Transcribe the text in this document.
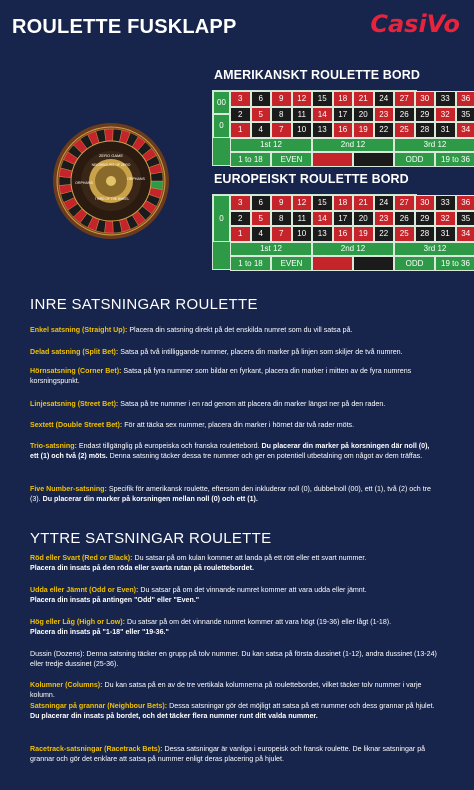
ROULETTE FUSKLAPP	CasiVo
ZERO GAME
NEIGHBOURS OF ZERO
ORPHANS
ORPHANS
THIRD OF THE WHEEL
AMERIKANSKT ROULETTE BORD
00
0
3	6	9	12	15	18	21	24	27	30	33	36
2	5	8	11	14	17	20	23	26	29	32	35
1	4	7	10	13	16	19	22	25	28	31	34
1st 12	2nd 12	3rd 12
1 to 18	EVEN	ODD	19 to 36
EUROPEISKT ROULETTE BORD
0
3	6	9	12	15	18	21	24	27	30	33	36
2	5	8	11	14	17	20	23	26	29	32	35
1	4	7	10	13	16	19	22	25	28	31	34
1st 12	2nd 12	3rd 12
1 to 18	EVEN	ODD	19 to 36
INRE SATSNINGAR ROULETTE
Enkel satsning (Straight Up): Placera din satsning direkt på det enskilda numret som du vill satsa på.
Delad satsning (Split Bet): Satsa på två intilliggande nummer, placera din marker på linjen som skiljer de två numren.
Hörnsatsning (Corner Bet): Satsa på fyra nummer som bildar en fyrkant, placera din marker i mitten av de fyra numrens korsningspunkt.
Linjesatsning (Street Bet): Satsa på tre nummer i en rad genom att placera din marker längst ner på den raden.
Sextett (Double Street Bet): För att täcka sex nummer, placera din marker i hörnet där två rader möts.
Trio-satsning: Endast tillgänglig på europeiska och franska roulettebord. Du placerar din marker på korsningen där noll (0), ett (1) och två (2) möts. Denna satsning täcker dessa tre nummer och ger en potentiell utbetalning om något av dem träffas.
Five Number-satsning: Specifik för amerikansk roulette, eftersom den inkluderar noll (0), dubbelnoll (00), ett (1), två (2) och tre (3). Du placerar din marker på korsningen mellan noll (0) och ett (1).
YTTRE SATSNINGAR ROULETTE
Röd eller Svart (Red or Black): Du satsar på om kulan kommer att landa på ett rött eller ett svart nummer.
Placera din insats på den röda eller svarta rutan på roulettebordet.
Udda eller Jämnt (Odd or Even): Du satsar på om det vinnande numret kommer att vara udda eller jämnt.
Placera din insats på antingen "Odd" eller "Even."
Hög eller Låg (High or Low): Du satsar på om det vinnande numret kommer att vara högt (19-36) eller lågt (1-18).
Placera din insats på "1-18" eller "19-36."
Dussin (Dozens): Denna satsning täcker en grupp på tolv nummer. Du kan satsa på första dussinet (1-12), andra dussinet (13-24) eller tredje dussinet (25-36).
Kolumner (Columns): Du kan satsa på en av de tre vertikala kolumnerna på roulettebordet, vilket täcker tolv nummer i varje kolumn.
Satsningar på grannar (Neighbour Bets): Dessa satsningar gör det möjligt att satsa på ett nummer och dess grannar på hjulet. Du placerar din insats på bordet, och det täcker flera nummer runt ditt valda nummer.
Racetrack-satsningar (Racetrack Bets): Dessa satsningar är vanliga i europeisk och fransk roulette. De liknar satsningar på grannar och gör det enklare att satsa på nummer enligt deras placering på hjulet.
